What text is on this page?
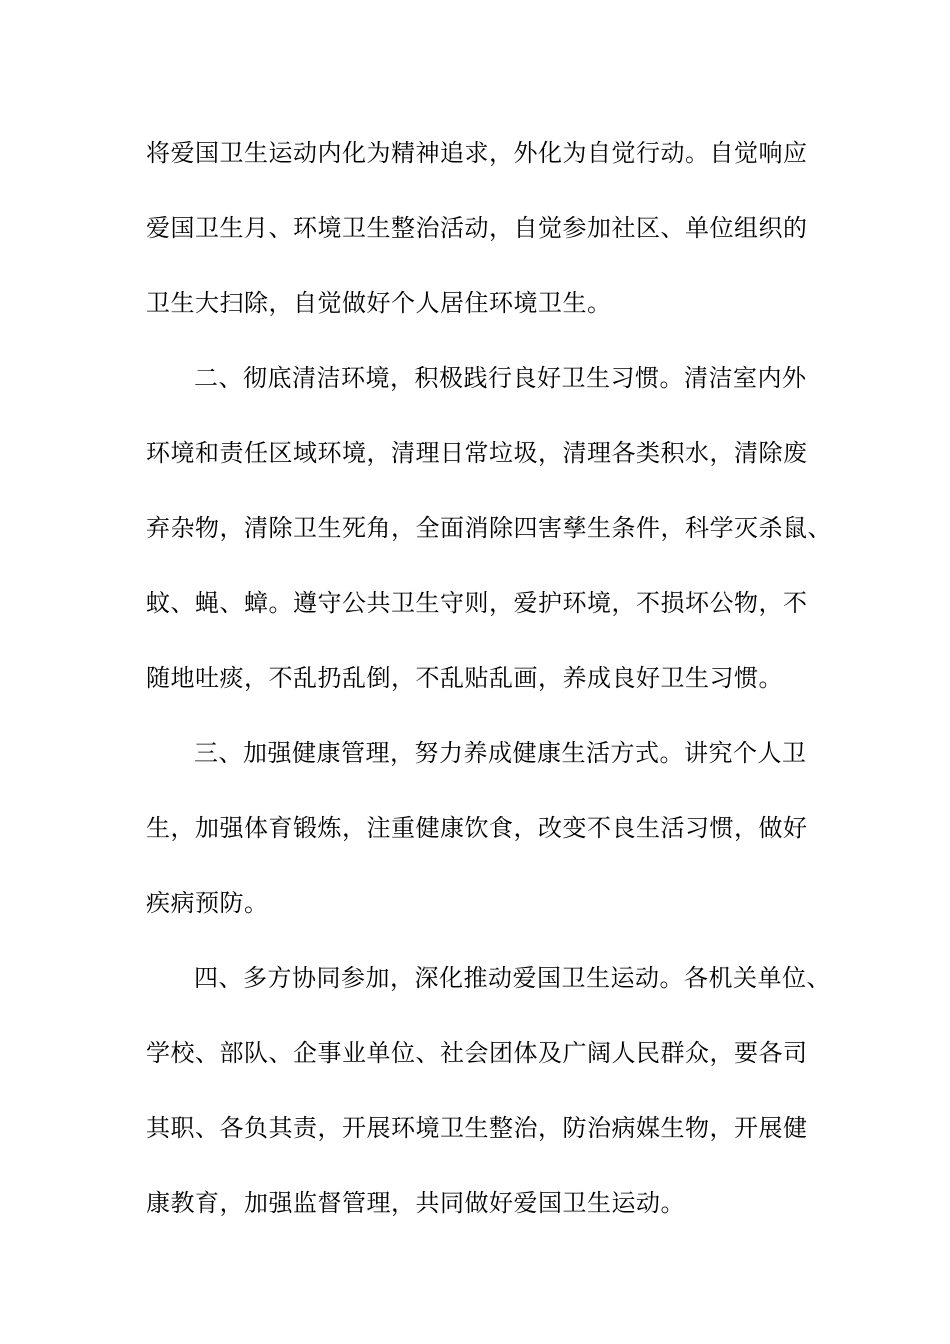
将爱国卫生运动内化为精神追求，外化为自觉行动。自觉响应
爱国卫生月、环境卫生整治活动，自觉参加社区、单位组织的
卫生大扫除，自觉做好个人居住环境卫生。
二、彻底清洁环境，积极践行良好卫生习惯。清洁室内外
环境和责任区域环境，清理日常垃圾，清理各类积水，清除废
弃杂物，清除卫生死角，全面消除四害孳生条件，科学灭杀鼠、
蚊、蝇、蟑。遵守公共卫生守则，爱护环境，不损坏公物，不
随地吐痰，不乱扔乱倒，不乱贴乱画，养成良好卫生习惯。
三、加强健康管理，努力养成健康生活方式。讲究个人卫
生，加强体育锻炼，注重健康饮食，改变不良生活习惯，做好
疾病预防。
四、多方协同参加，深化推动爱国卫生运动。各机关单位、
学校、部队、企事业单位、社会团体及广阔人民群众，要各司
其职、各负其责，开展环境卫生整治，防治病媒生物，开展健
康教育，加强监督管理，共同做好爱国卫生运动。
